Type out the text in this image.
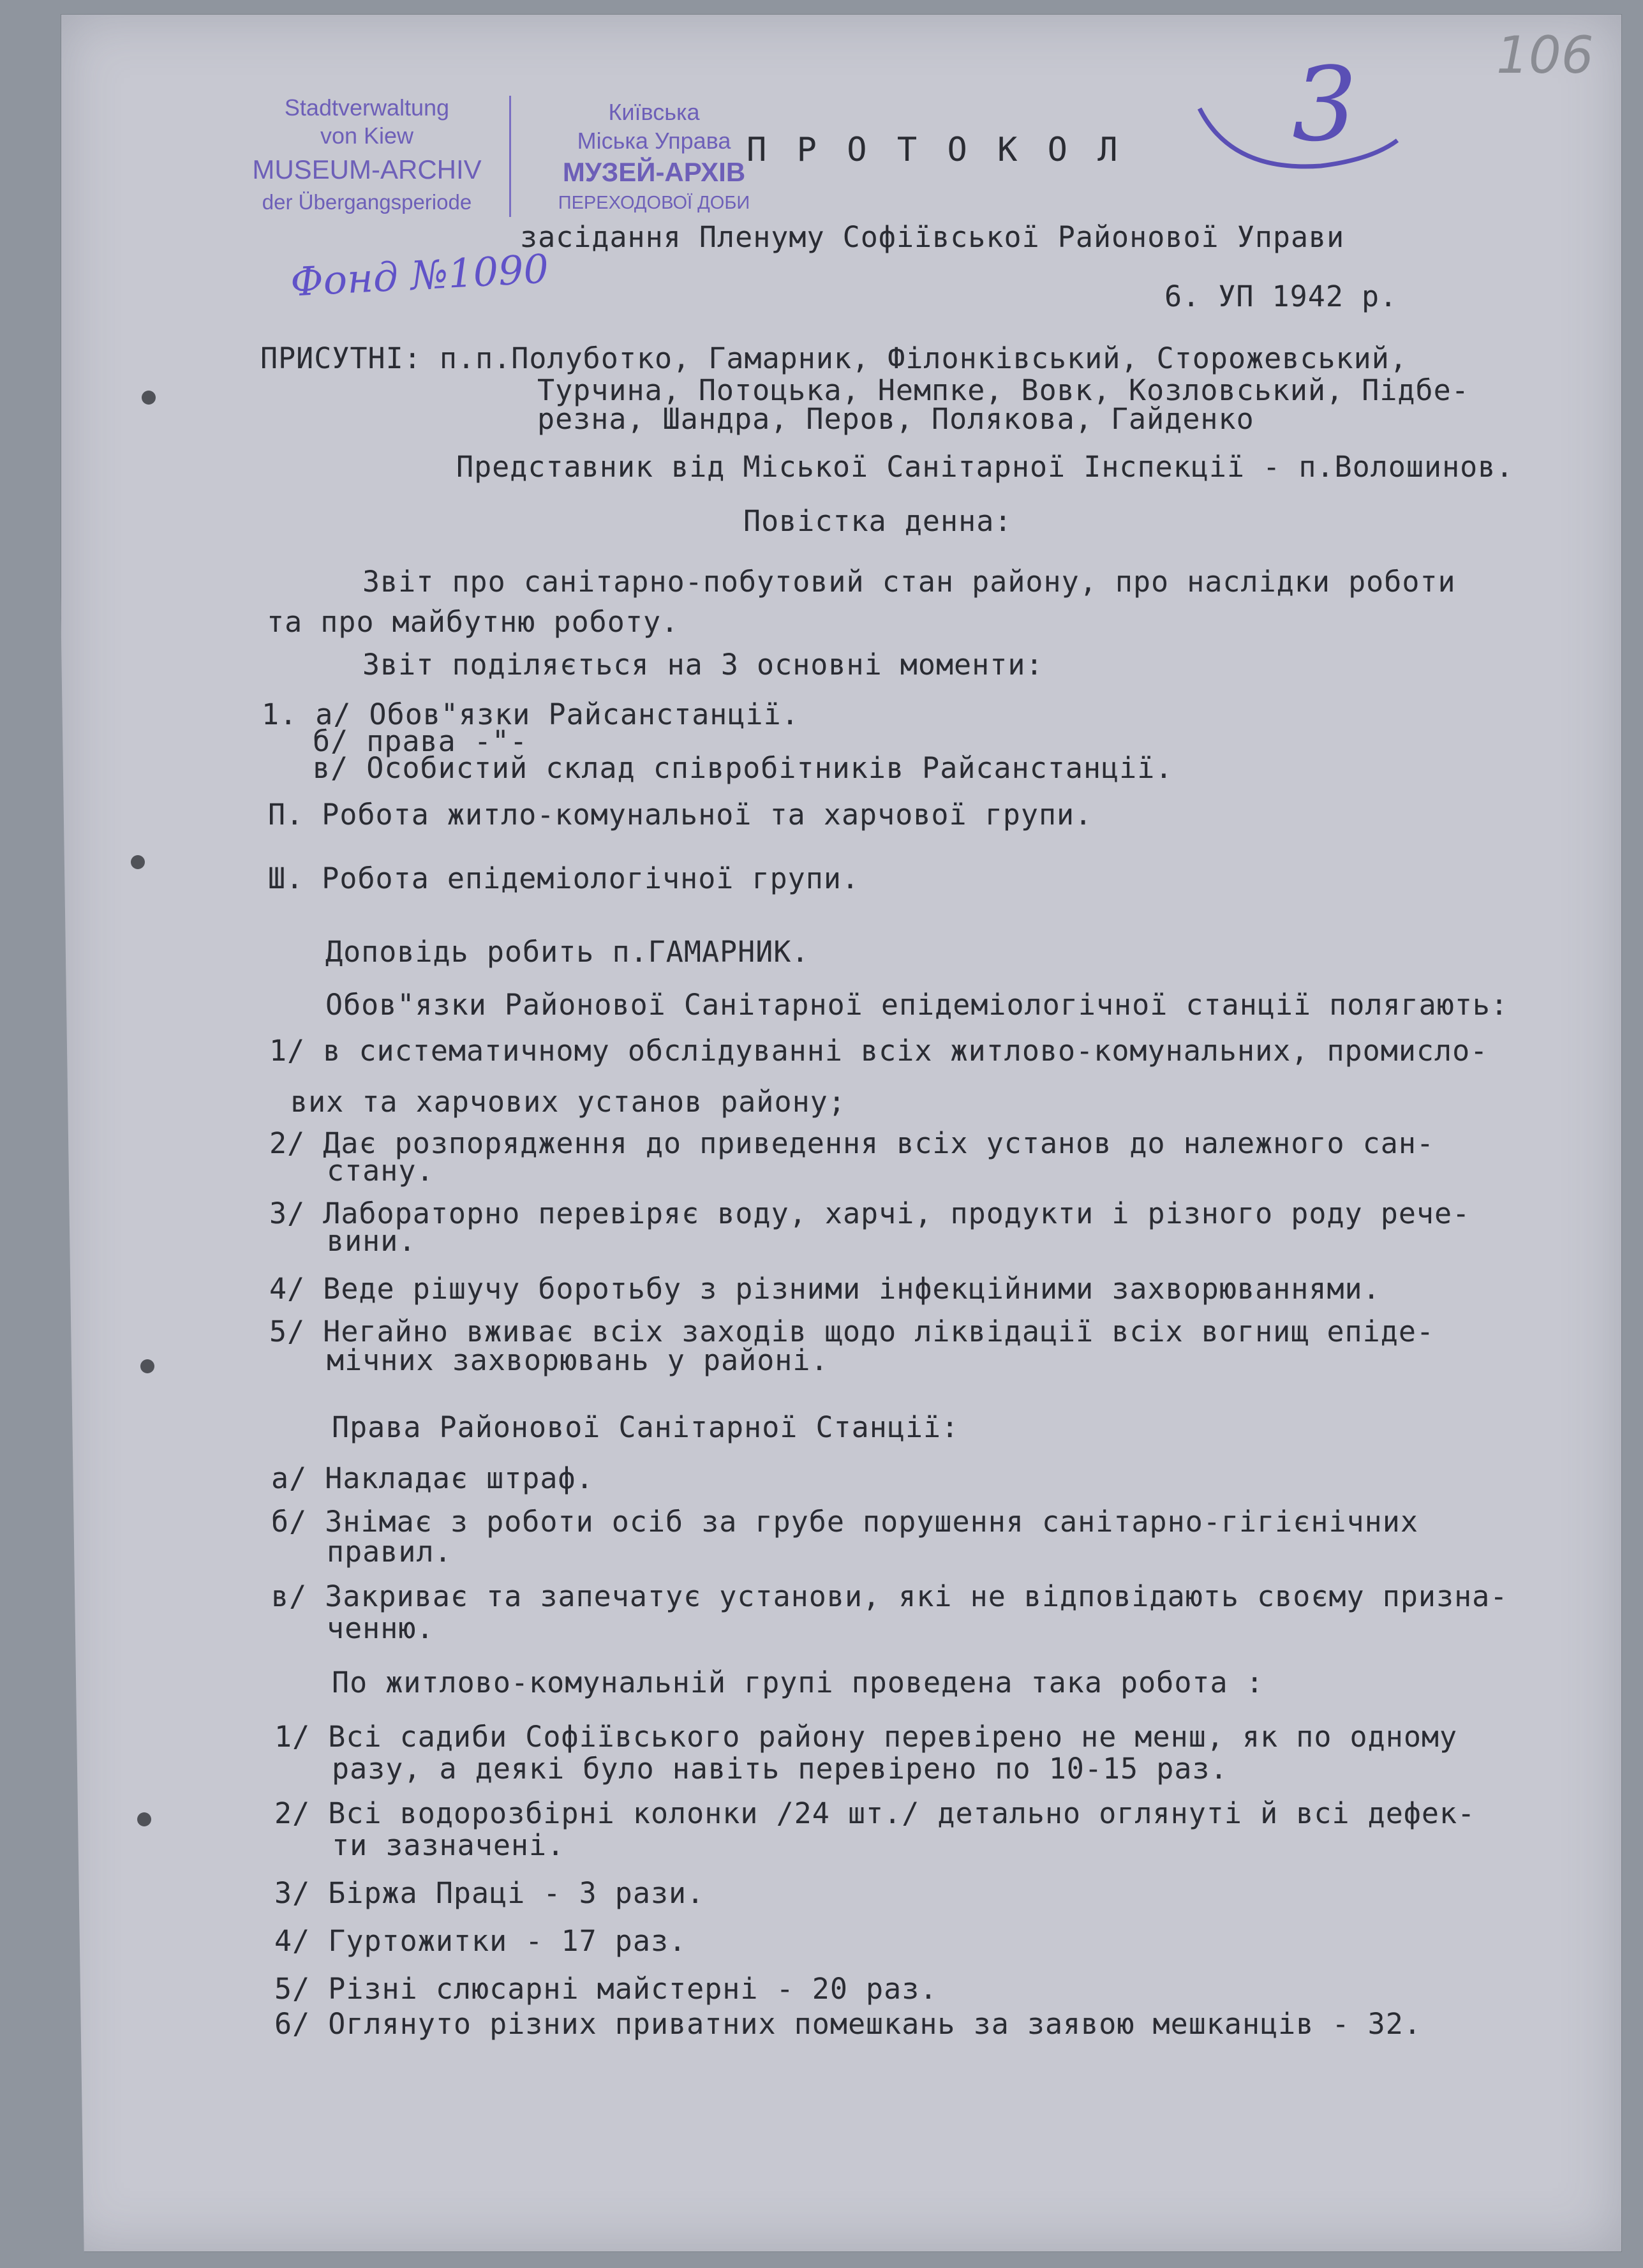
Stadtverwaltung
von Kiew
MUSEUM-ARCHIV
der Übergangsperiode
Київська
Міська Управа
МУЗЕЙ-АРХІВ
ПЕРЕХОДОВОЇ ДОБИ
Фонд №1090
3	106
П Р О Т О К О Л
засідання Пленуму Софіївської Районової Управи
6. УП 1942 р.
ПРИСУТНІ: п.п.Полуботко, Гамарник, Філонківський, Сторожевський,
Турчина, Потоцька, Немпке, Вовк, Козловський, Підбе-
резна, Шандра, Перов, Полякова, Гайденко
Представник від Міської Санітарної Інспекції - п.Волошинов.
Повістка денна:
Звіт про санітарно-побутовий стан району, про наслідки роботи
та про майбутню роботу.
Звіт поділяється на 3 основні моменти:
1. а/ Обов"язки Райсанстанції.
б/ права -"-
в/ Особистий склад співробітників Райсанстанції.
П. Робота житло-комунальної та харчової групи.
Ш. Робота епідеміологічної групи.
Доповідь робить п.ГАМАРНИК.
Обов"язки Районової Санітарної епідеміологічної станції полягають:
1/ в систематичному обслідуванні всіх житлово-комунальних, промисло-
вих та харчових установ району;
2/ Дає розпорядження до приведення всіх установ до належного сан-
стану.
3/ Лабораторно перевіряє воду, харчі, продукти і різного роду рече-
вини.
4/ Веде рішучу боротьбу з різними інфекційними захворюваннями.
5/ Негайно вживає всіх заходів щодо ліквідації всіх вогнищ епіде-
мічних захворювань у районі.
Права Районової Санітарної Станції:
а/ Накладає штраф.
б/ Знімає з роботи осіб за грубе порушення санітарно-гігієнічних
правил.
в/ Закриває та запечатує установи, які не відповідають своєму призна-
ченню.
По житлово-комунальній групі проведена така робота :
1/ Всі садиби Софіївського району перевірено не менш, як по одному
разу, а деякі було навіть перевірено по 10-15 раз.
2/ Всі водорозбірні колонки /24 шт./ детально оглянуті й всі дефек-
ти зазначені.
3/ Біржа Праці - 3 рази.
4/ Гуртожитки - 17 раз.
5/ Різні слюсарні майстерні - 20 раз.
6/ Оглянуто різних приватних помешкань за заявою мешканців - 32.
